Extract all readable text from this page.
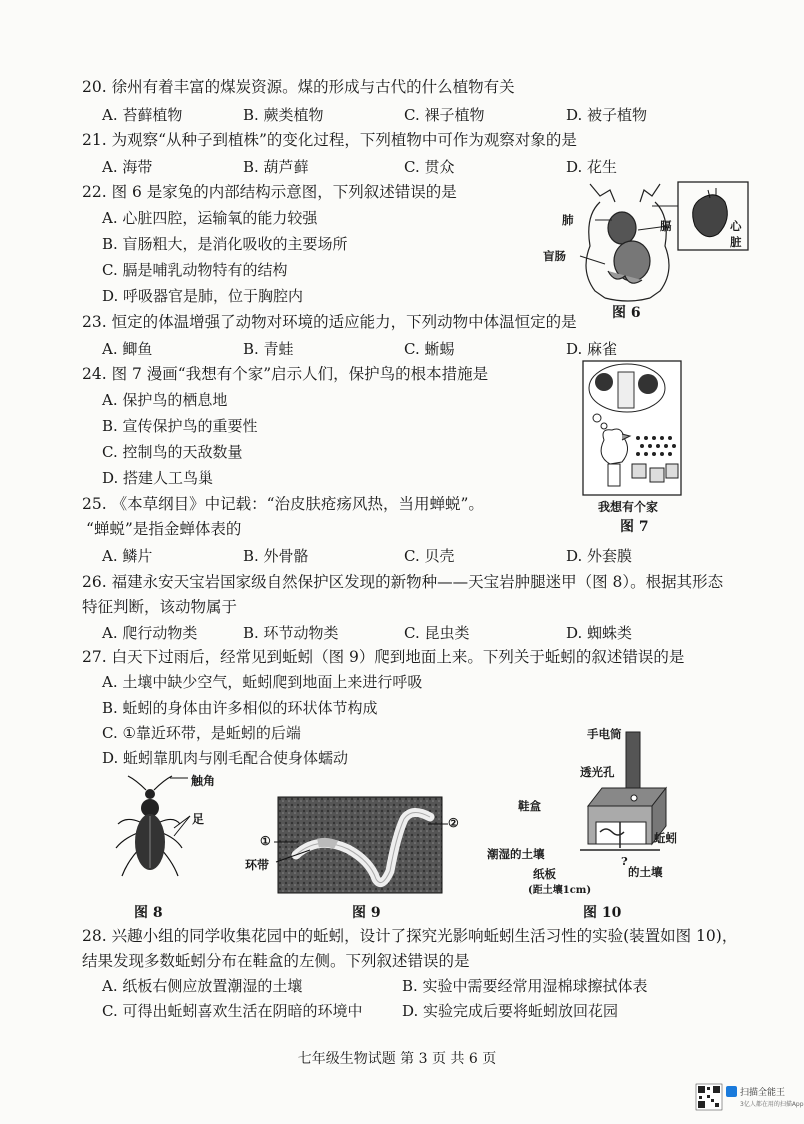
20. 徐州有着丰富的煤炭资源。煤的形成与古代的什么植物有关
A. 苔藓植物	B. 蕨类植物	C. 裸子植物	D. 被子植物
21. 为观察“从种子到植株”的变化过程，下列植物中可作为观察对象的是
A. 海带	B. 葫芦藓	C. 贯众	D. 花生
22. 图 6 是家兔的内部结构示意图，下列叙述错误的是
A. 心脏四腔，运输氧的能力较强
B. 盲肠粗大，是消化吸收的主要场所
C. 膈是哺乳动物特有的结构
D. 呼吸器官是肺，位于胸腔内
肺	膈
盲肠
心
脏
图 6
23. 恒定的体温增强了动物对环境的适应能力，下列动物中体温恒定的是
A. 鲫鱼	B. 青蛙	C. 蜥蜴	D. 麻雀
24. 图 7 漫画“我想有个家”启示人们，保护鸟的根本措施是
A. 保护鸟的栖息地
B. 宣传保护鸟的重要性
C. 控制鸟的天敌数量
D. 搭建人工鸟巢
我想有个家
图 7
25. 《本草纲目》中记载：“治皮肤疮疡风热，当用蝉蜕”。
“蝉蜕”是指金蝉体表的
A. 鳞片	B. 外骨骼	C. 贝壳	D. 外套膜
26. 福建永安天宝岩国家级自然保护区发现的新物种——天宝岩肿腿迷甲（图 8）。根据其形态
特征判断，该动物属于
A. 爬行动物类	B. 环节动物类	C. 昆虫类	D. 蜘蛛类
27. 白天下过雨后，经常见到蚯蚓（图 9）爬到地面上来。下列关于蚯蚓的叙述错误的是
A. 土壤中缺少空气，蚯蚓爬到地面上来进行呼吸
B. 蚯蚓的身体由许多相似的环状体节构成
C. ①靠近环带，是蚯蚓的后端
D. 蚯蚓靠肌肉与刚毛配合使身体蠕动
触角
足
图 8
①
②
环带
图 9
手电筒
透光孔
鞋盒
蚯蚓
潮湿的土壤
纸板
(距土壤1cm)
?
的土壤
图 10
28. 兴趣小组的同学收集花园中的蚯蚓，设计了探究光影响蚯蚓生活习性的实验(装置如图 10)，
结果发现多数蚯蚓分布在鞋盒的左侧。下列叙述错误的是
A. 纸板右侧应放置潮湿的土壤	B. 实验中需要经常用湿棉球擦拭体表
C. 可得出蚯蚓喜欢生活在阴暗的环境中	D. 实验完成后要将蚯蚓放回花园
七年级生物试题 第 3 页 共 6 页
扫描全能王
3亿人都在用的扫描App
